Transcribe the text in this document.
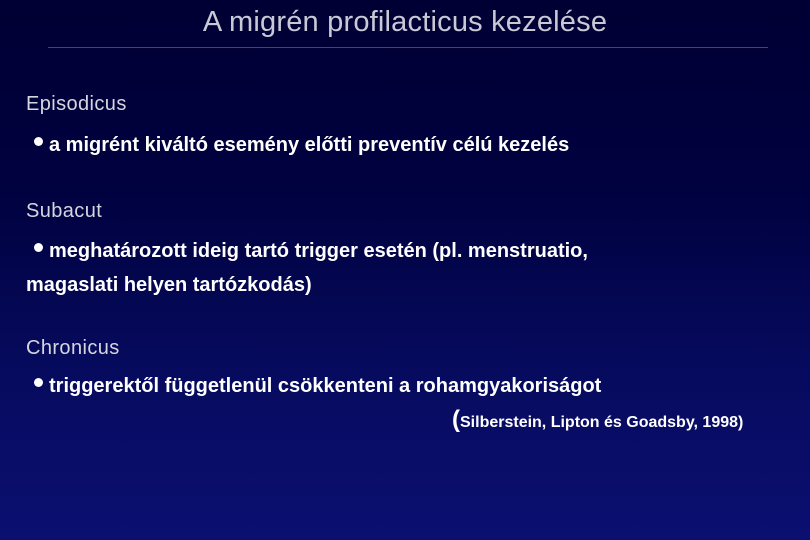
A migrén profilacticus kezelése
Episodicus
a migrént kiváltó esemény előtti preventív célú kezelés
Subacut
meghatározott ideig tartó trigger esetén (pl. menstruatio,
magaslati helyen tartózkodás)
Chronicus
triggerektől függetlenül csökkenteni a rohamgyakoriságot
(Silberstein, Lipton és Goadsby, 1998)
